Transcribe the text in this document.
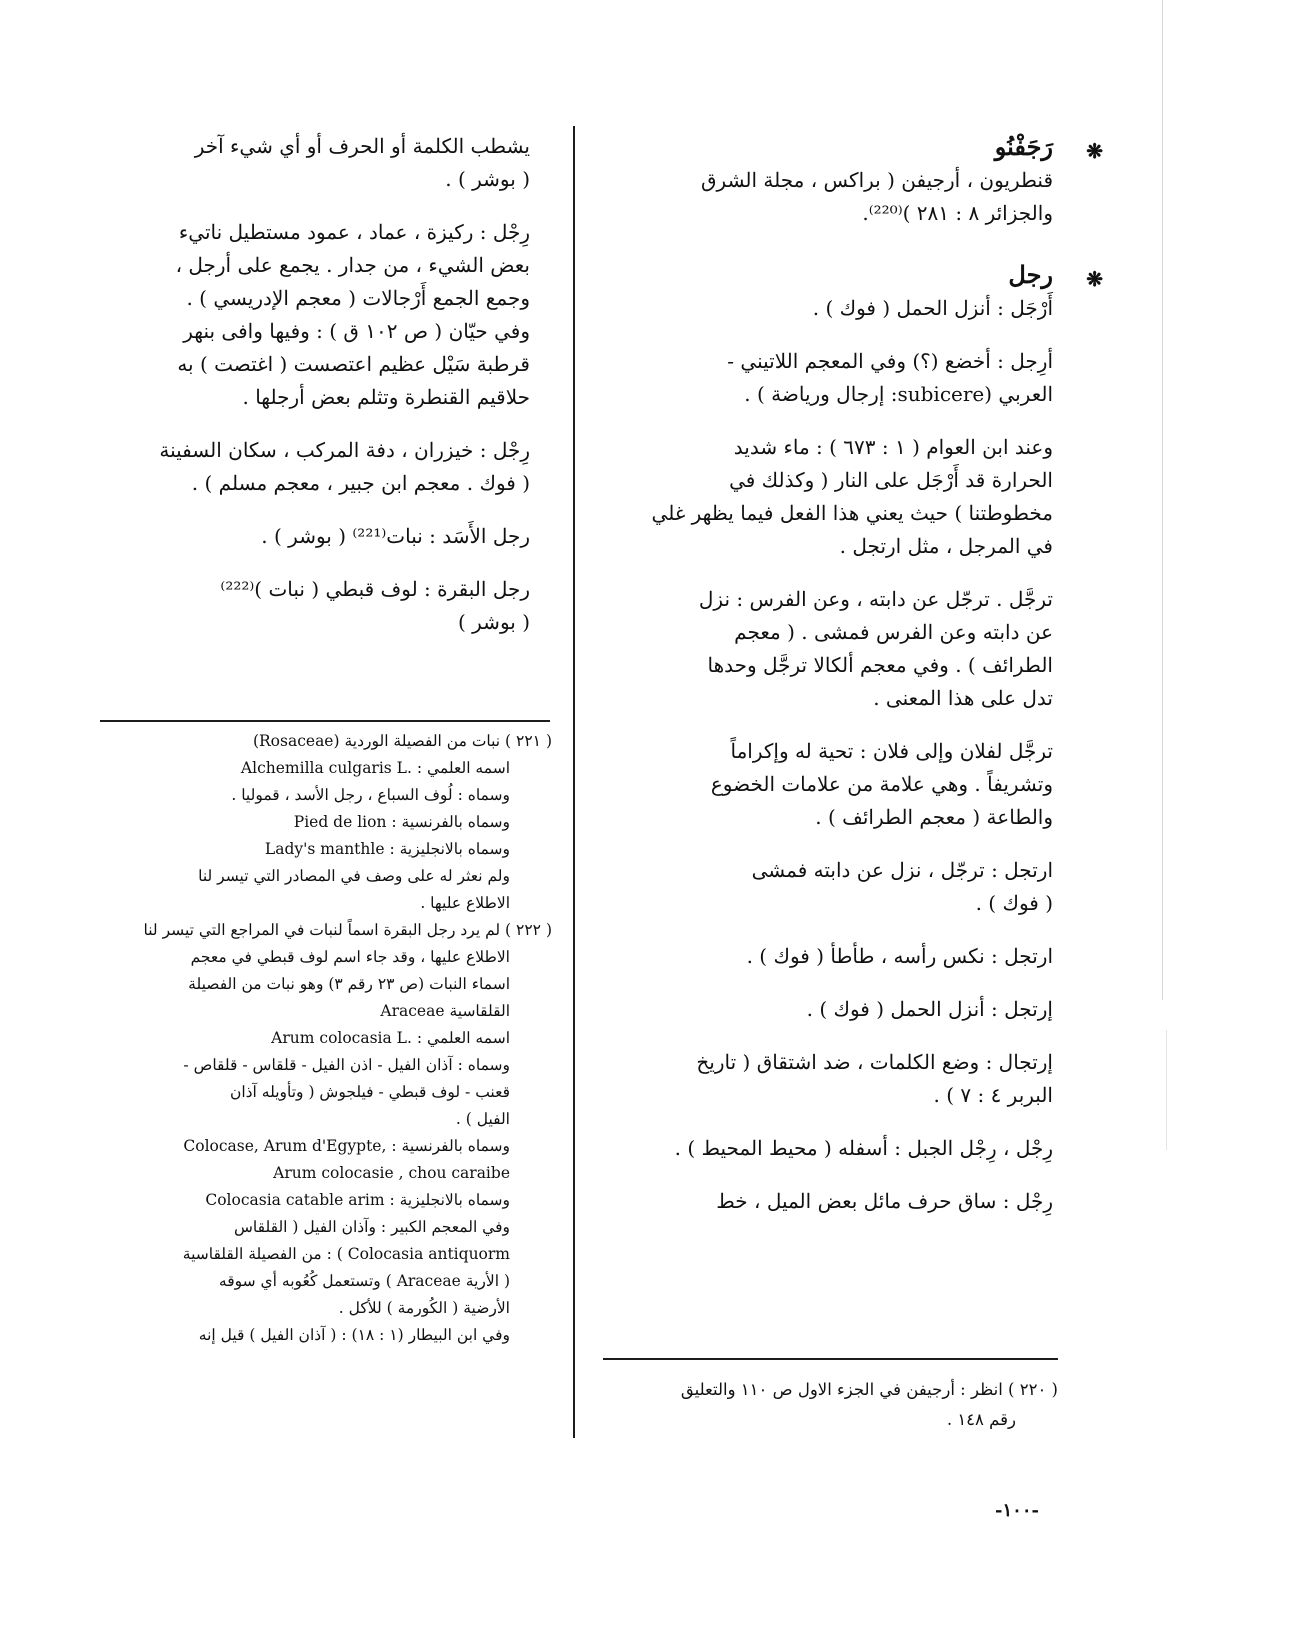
❋
رَجَفْنُو

قنطريون ، أرجيفن ( براكس ، مجلة الشرق

والجزائر ٨ : ٢٨١ )⁽²²⁰⁾.

❋
رجل

أَرْجَل : أنزل الحمل ( فوك ) .

أرِجل : أخضع (؟) وفي المعجم اللاتيني -

العربي (subicere: إرجال ورياضة ) .

وعند ابن العوام ( ١ : ٦٧٣ ) : ماء شديد

الحرارة قد أَرْجَل على النار ( وكذلك في

مخطوطتنا ) حيث يعني هذا الفعل فيما يظهر غلي

في المرجل ، مثل ارتجل .

ترجَّل . ترجّل عن دابته ، وعن الفرس : نزل

عن دابته وعن الفرس فمشى . ( معجم

الطرائف ) . وفي معجم ألكالا ترجَّل وحدها

تدل على هذا المعنى .

ترجَّل لفلان وإلى فلان : تحية له وإكراماً

وتشريفاً . وهي علامة من علامات الخضوع

والطاعة ( معجم الطرائف ) .

ارتجل : ترجّل ، نزل عن دابته فمشى

( فوك ) .

ارتجل : نكس رأسه ، طأطأ ( فوك ) .

إرتجل : أنزل الحمل ( فوك ) .

إرتجال : وضع الكلمات ، ضد اشتقاق ( تاريخ

البربر ٤ : ٧ ) .

رِجْل ، رِجْل الجبل : أسفله ( محيط المحيط ) .

رِجْل : ساق حرف مائل بعض الميل ، خط

يشطب الكلمة أو الحرف أو أي شيء آخر

( بوشر ) .

رِجْل : ركيزة ، عماد ، عمود مستطيل ناتيء

بعض الشيء ، من جدار . يجمع على أرجل ،

وجمع الجمع أَرْجالات ( معجم الإدريسي ) .

وفي حيّان ( ص ١٠٢ ق ) : وفيها وافى بنهر

قرطبة سَيْل عظيم اعتصست ( اغتصت ) به

حلاقيم القنطرة وتثلم بعض أرجلها .

رِجْل : خيزران ، دفة المركب ، سكان السفينة

( فوك . معجم ابن جبير ، معجم مسلم ) .

رجل الأَسَد : نبات⁽²²¹⁾ ( بوشر ) .

رجل البقرة : لوف قبطي ( نبات )⁽²²²⁾

( بوشر )

( ٢٢١ ) نبات من الفصيلة الوردية (Rosaceae)

اسمه العلمي : .Alchemilla culgaris L

وسماه : لُوف السباع ، رجل الأسد ، قموليا .

وسماه بالفرنسية : Pied de lion

وسماه بالانجليزية : Lady's manthle

ولم نعثر له على وصف في المصادر التي تيسر لنا

الاطلاع عليها .

( ٢٢٢ ) لم يرد رجل البقرة اسماً لنبات في المراجع التي تيسر لنا

الاطلاع عليها ، وقد جاء اسم لوف قبطي في معجم

اسماء النبات (ص ٢٣ رقم ٣) وهو نبات من الفصيلة

القلقاسية Araceae

اسمه العلمي : .Arum colocasia L

وسماه : آذان الفيل - اذن الفيل - قلقاس - قلقاص -

قعنب - لوف قبطي - فيلجوش ( وتأويله آذان

الفيل ) .

وسماه بالفرنسية : ,Colocase, Arum d'Egypte

Arum colocasie , chou caraibe

وسماه بالانجليزية : Colocasia catable arim

وفي المعجم الكبير : وآذان الفيل ( القلقاس

Colocasia antiquorm ) : من الفصيلة القلقاسية

( الأرية Araceae ) وتستعمل كُعُوبه أي سوقه

الأرضية ( الكُورمة ) للأكل .

وفي ابن البيطار (١ : ١٨) : ( آذان الفيل ) قيل إنه

( ٢٢٠ ) انظر : أرجيفن في الجزء الاول ص ١١٠ والتعليق

رقم ١٤٨ .

-١٠٠-
